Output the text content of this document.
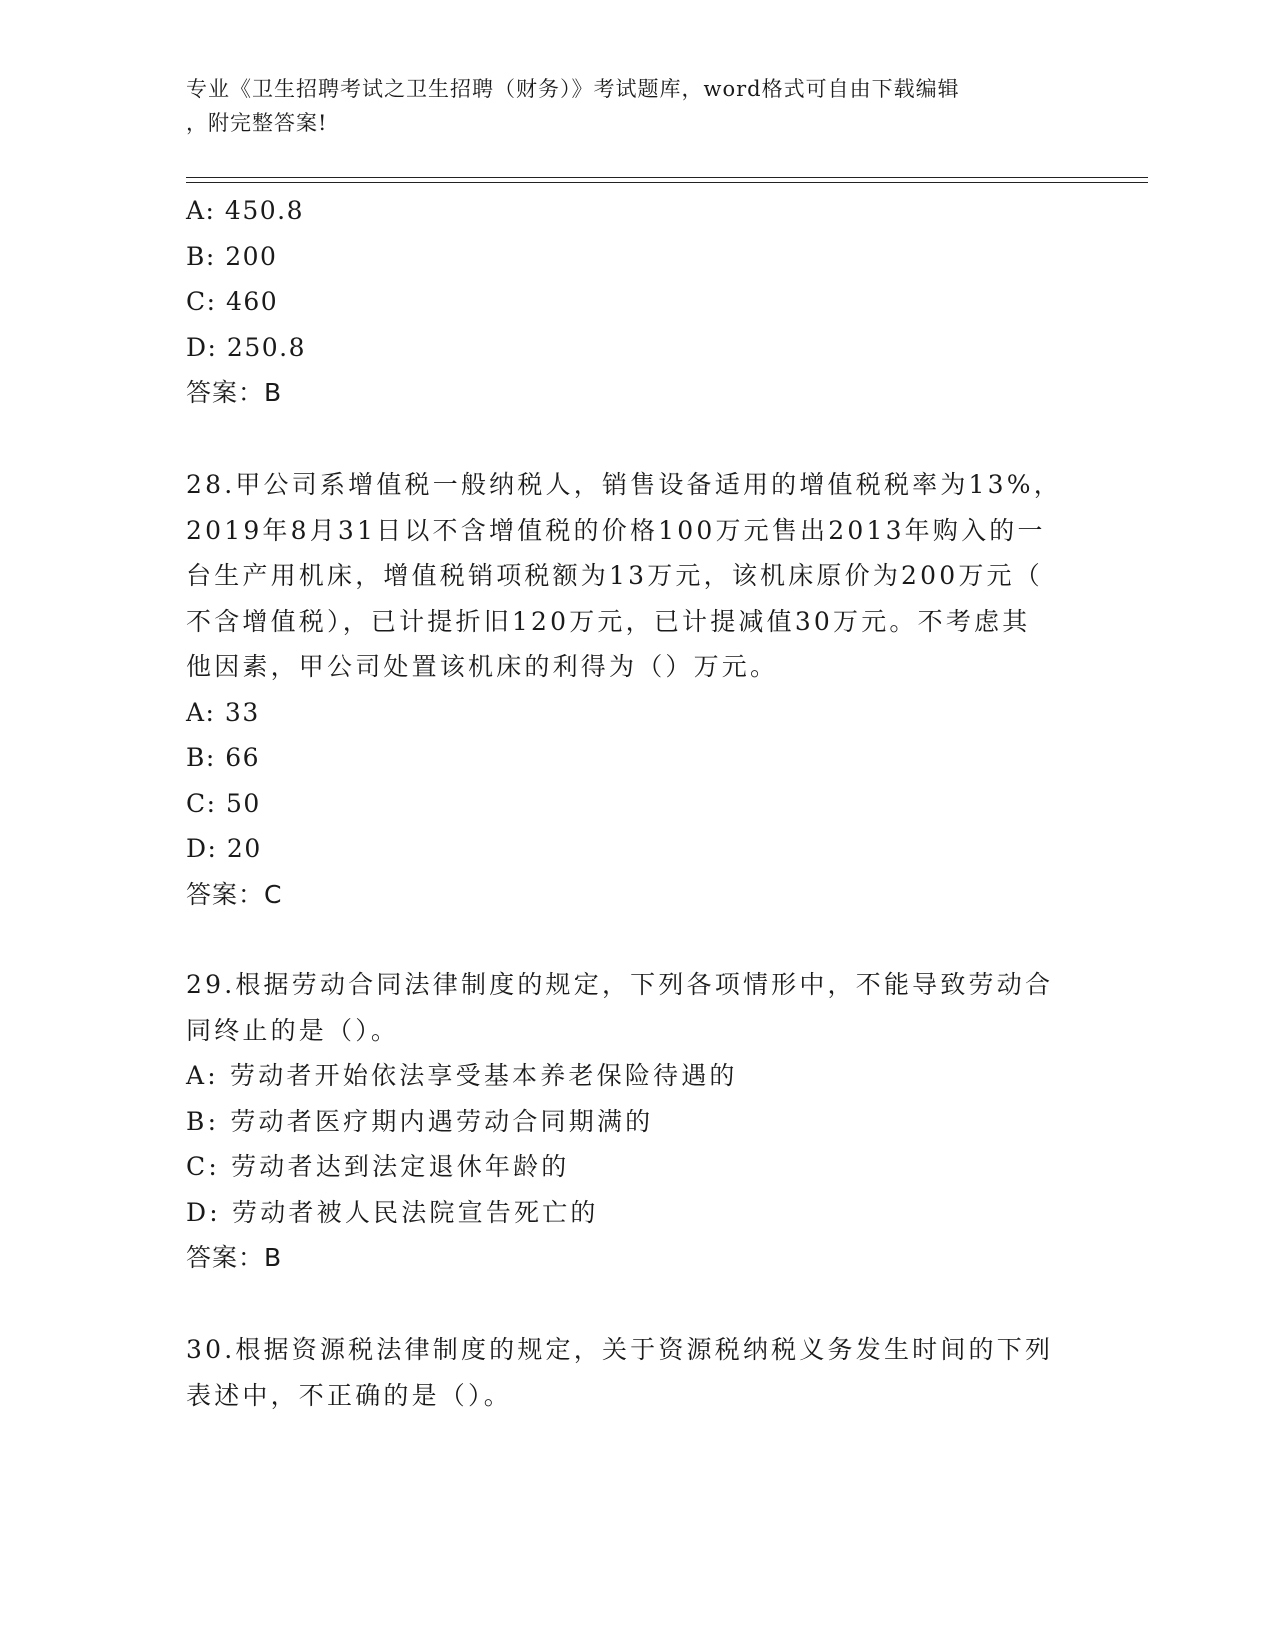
专业《卫生招聘考试之卫生招聘（财务）》考试题库，word格式可自由下载编辑
，附完整答案!
A: 450.8
B: 200
C: 460
D: 250.8
答案：B
28.甲公司系增值税一般纳税人，销售设备适用的增值税税率为13%，
2019年8月31日以不含增值税的价格100万元售出2013年购入的一
台生产用机床，增值税销项税额为13万元，该机床原价为200万元（
不含增值税），已计提折旧120万元，已计提减值30万元。不考虑其
他因素，甲公司处置该机床的利得为（）万元。
A: 33
B: 66
C: 50
D: 20
答案：C
29.根据劳动合同法律制度的规定，下列各项情形中，不能导致劳动合
同终止的是（）。
A: 劳动者开始依法享受基本养老保险待遇的
B: 劳动者医疗期内遇劳动合同期满的
C: 劳动者达到法定退休年龄的
D: 劳动者被人民法院宣告死亡的
答案：B
30.根据资源税法律制度的规定，关于资源税纳税义务发生时间的下列
表述中，不正确的是（）。
